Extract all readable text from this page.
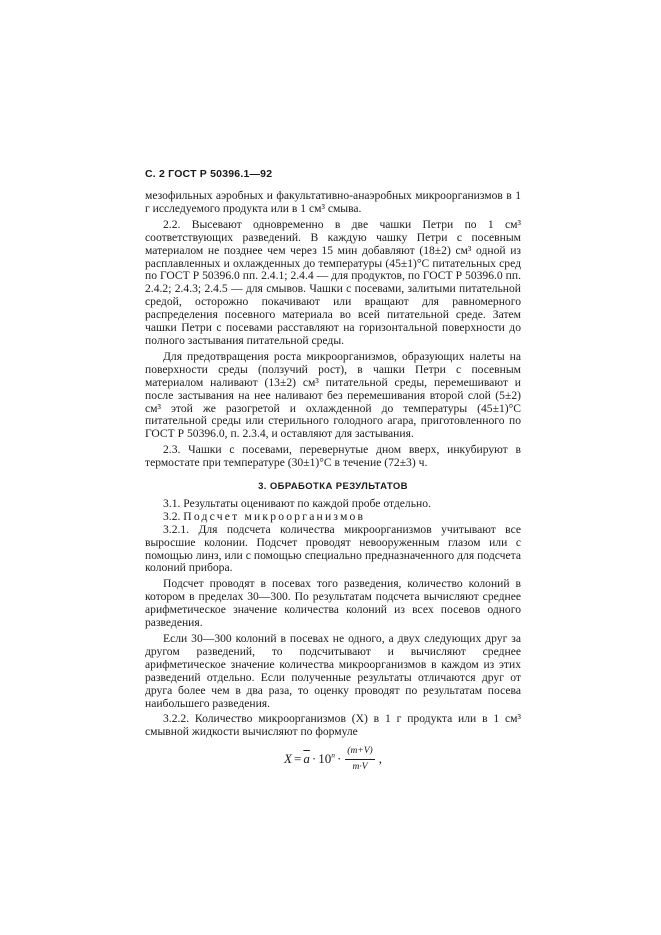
С. 2 ГОСТ Р 50396.1—92

мезофильных аэробных и факультативно-анаэробных микроорганизмов в 1 г исследуемого продукта или в 1 см³ смыва.

2.2. Высевают одновременно в две чашки Петри по 1 см³ соответствующих разведений. В каждую чашку Петри с посевным материалом не позднее чем через 15 мин добавляют (18±2) см³ одной из расплавленных и охлажденных до температуры (45±1)°С питательных сред по ГОСТ Р 50396.0 пп. 2.4.1; 2.4.4 — для продуктов, по ГОСТ Р 50396.0 пп. 2.4.2; 2.4.3; 2.4.5 — для смывов. Чашки с посевами, залитыми питательной средой, осторожно покачивают или вращают для равномерного распределения посевного материала во всей питательной среде. Затем чашки Петри с посевами расставляют на горизонтальной поверхности до полного застывания питательной среды.

Для предотвращения роста микроорганизмов, образующих налеты на поверхности среды (ползучий рост), в чашки Петри с посевным материалом наливают (13±2) см³ питательной среды, перемешивают и после застывания на нее наливают без перемешивания второй слой (5±2) см³ этой же разогретой и охлажденной до температуры (45±1)°С питательной среды или стерильного голодного агара, приготовленного по ГОСТ Р 50396.0, п. 2.3.4, и оставляют для застывания.

2.3. Чашки с посевами, перевернутые дном вверх, инкубируют в термостате при температуре (30±1)°С в течение (72±3) ч.

3. ОБРАБОТКА РЕЗУЛЬТАТОВ

3.1. Результаты оценивают по каждой пробе отдельно.

3.2. Подсчет микроорганизмов

3.2.1. Для подсчета количества микроорганизмов учитывают все выросшие колонии. Подсчет проводят невооруженным глазом или с помощью линз, или с помощью специально предназначенного для подсчета колоний прибора.

Подсчет проводят в посевах того разведения, количество колоний в котором в пределах 30—300. По результатам подсчета вычисляют среднее арифметическое значение количества колоний из всех посевов одного разведения.

Если 30—300 колоний в посевах не одного, а двух следующих друг за другом разведений, то подсчитывают и вычисляют среднее арифметическое значение количества микроорганизмов в каждом из этих разведений отдельно. Если полученные результаты отличаются друг от друга более чем в два раза, то оценку проводят по результатам посева наибольшего разведения.

3.2.2. Количество микроорганизмов (X) в 1 г продукта или в 1 см³ смывной жидкости вычисляют по формуле

$X = \overline{a} \cdot 10^n \cdot \frac{(m+V)}{m\cdot V}$ ,
